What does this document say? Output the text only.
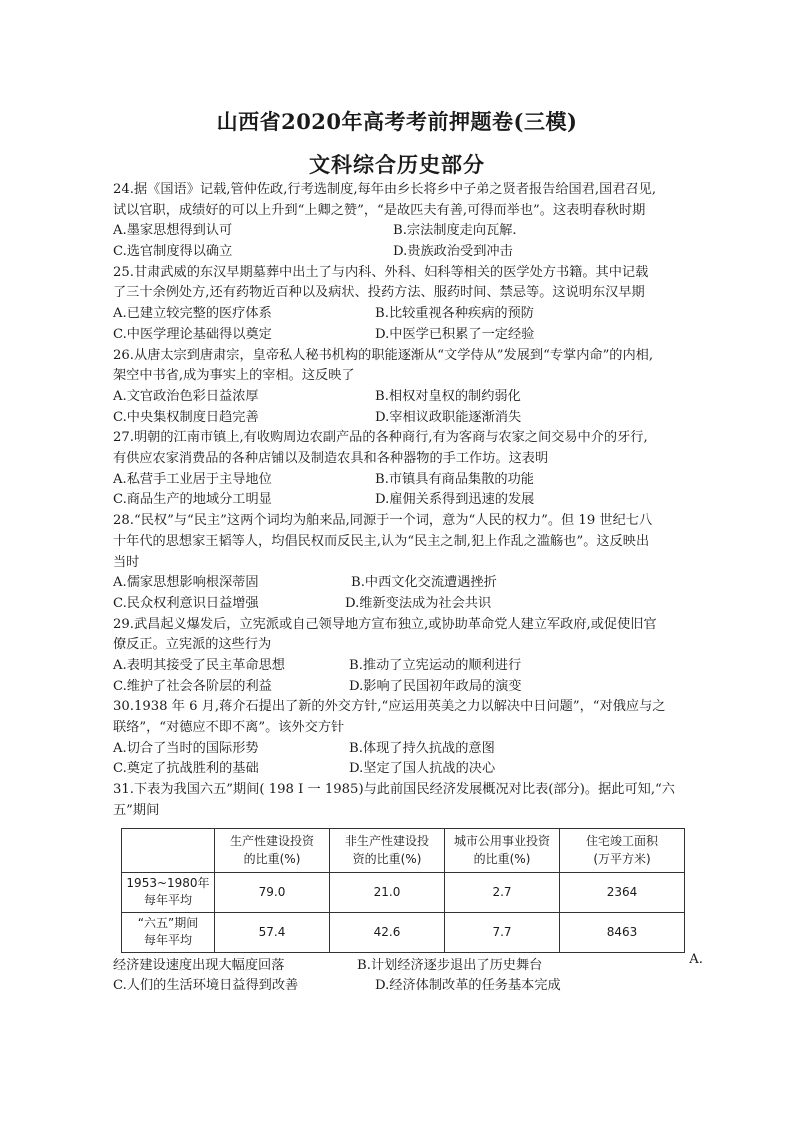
山西省2020年高考考前押题卷(三模)
文科综合历史部分

24.据《国语》记载,管仲佐政,行考选制度,每年由乡长将乡中子弟之贤者报告给国君,国君召见,

试以官职，成绩好的可以上升到“上卿之赞”，“是故匹夫有善,可得而举也”。这表明春秋时期

A.墨家思想得到认可	B.宗法制度走向瓦解.
C.选官制度得以确立	D.贵族政治受到冲击

25.甘肃武威的东汉早期墓葬中出土了与内科、外科、妇科等相关的医学处方书籍。其中记载

了三十余例处方,还有药物近百种以及病状、投药方法、服药时间、禁忌等。这说明东汉早期

A.已建立较完整的医疗体系	B.比较重视各种疾病的预防
C.中医学理论基础得以奠定	D.中医学已积累了一定经验

26.从唐太宗到唐肃宗，皇帝私人秘书机构的职能逐渐从“文学侍从”发展到“专掌内命”的内相,

架空中书省,成为事实上的宰相。这反映了

A.文官政治色彩日益浓厚	B.相权对皇权的制约弱化
C.中央集权制度日趋完善	D.宰相议政职能逐渐消失

27.明朝的江南市镇上,有收购周边农副产品的各种商行,有为客商与农家之间交易中介的牙行,

有供应农家消费品的各种店铺以及制造农具和各种器物的手工作坊。这表明

A.私营手工业居于主导地位	B.市镇具有商品集散的功能
C.商品生产的地域分工明显	D.雇佣关系得到迅速的发展

28.“民权”与“民主”这两个词均为舶来品,同源于一个词，意为“人民的权力”。但 19 世纪七八

十年代的思想家王韬等人，均倡民权而反民主,认为“民主之制,犯上作乱之滥觞也”。这反映出

当时

A.儒家思想影响根深蒂固	B.中西文化交流遭遇挫折
C.民众权利意识日益增强	D.维新变法成为社会共识

29.武昌起义爆发后，立宪派或自己领导地方宣布独立,或协助革命党人建立军政府,或促使旧官

僚反正。立宪派的这些行为

A.表明其接受了民主革命思想	B.推动了立宪运动的顺利进行
C.维护了社会各阶层的利益	D.影响了民国初年政局的演变

30.1938 年 6 月,蒋介石提出了新的外交方针,“应运用英美之力以解决中日问题”，“对俄应与之

联络”，“对德应不即不离”。该外交方针

A.切合了当时的国际形势	B.体现了持久抗战的意图
C.奠定了抗战胜利的基础	D.坚定了国人抗战的决心

31.下表为我国六五”期间( 198 I 一 1985)与此前国民经济发展概况对比表(部分)。据此可知,“六

五”期间

	生产性建设投资
的比重(%)	非生产性建设投
资的比重(%)	城市公用事业投资
的比重(%)	住宅竣工面积
(万平方米)
1953~1980年
每年平均	79.0	21.0	2.7	2364
“六五”期间
每年平均	57.4	42.6	7.7	8463
A.
经济建设速度出现大幅度回落	B.计划经济逐步退出了历史舞台
C.人们的生活环境日益得到改善	D.经济体制改革的任务基本完成
